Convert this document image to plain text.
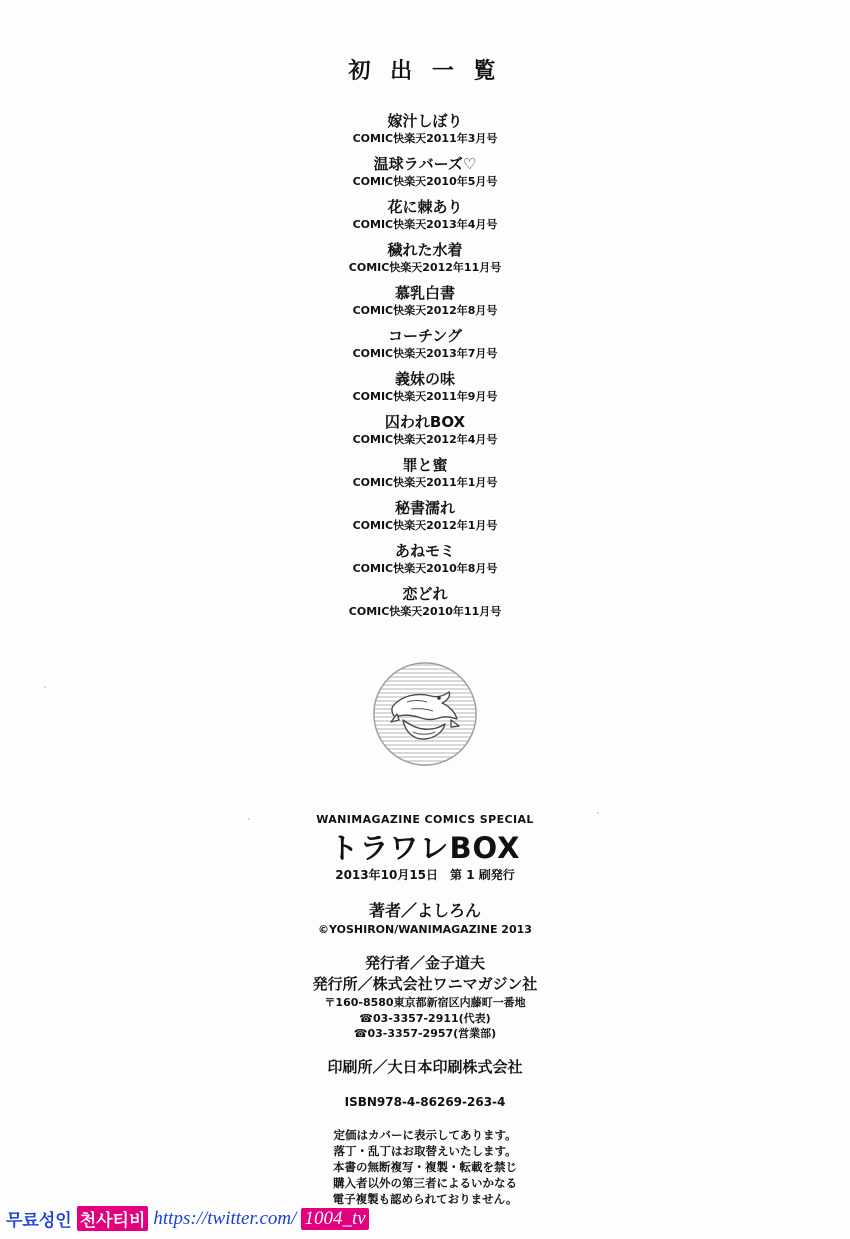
初 出 一 覧
嫁汁しぼり
COMIC快楽天2011年3月号
温球ラバーズ♡
COMIC快楽天2010年5月号
花に棘あり
COMIC快楽天2013年4月号
穢れた水着
COMIC快楽天2012年11月号
慕乳白書
COMIC快楽天2012年8月号
コーチング
COMIC快楽天2013年7月号
義妹の味
COMIC快楽天2011年9月号
囚われBOX
COMIC快楽天2012年4月号
罪と蜜
COMIC快楽天2011年1月号
秘書濡れ
COMIC快楽天2012年1月号
あねモミ
COMIC快楽天2010年8月号
恋どれ
COMIC快楽天2010年11月号
WANIMAGAZINE COMICS SPECIAL
トラワレBOX
2013年10月15日　第 1 刷発行
著者／よしろん
©YOSHIRON/WANIMAGAZINE 2013
発行者／金子道夫
発行所／株式会社ワニマガジン社
〒160-8580東京都新宿区内藤町一番地
☎03-3357-2911(代表)
☎03-3357-2957(営業部)
印刷所／大日本印刷株式会社
ISBN978-4-86269-263-4
定価はカバーに表示してあります。
落丁・乱丁はお取替えいたします。
本書の無断複写・複製・転載を禁じ
購入者以外の第三者によるいかなる
電子複製も認められておりません。
무료성인 천사티비 https://twitter.com/ 1004_tv
